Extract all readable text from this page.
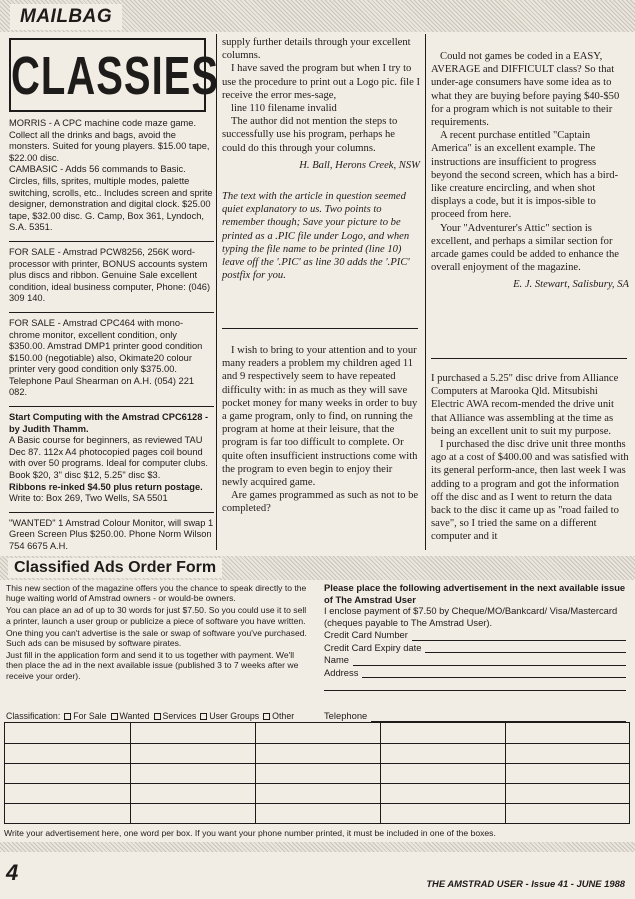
MAILBAG
CLASSIES

MORRIS - A CPC machine code maze game. Collect all the drinks and bags, avoid the monsters. Suited for young players. $15.00 tape, $22.00 disc.

CAMBASIC - Adds 56 commands to Basic. Circles, fills, sprites, multiple modes, palette switching, scrolls, etc.. Includes screen and sprite designer, demonstration and digital clock. $25.00 tape, $32.00 disc. G. Camp, Box 361, Lyndoch, S.A. 5351.

FOR SALE - Amstrad PCW8256, 256K word-processor with printer, BONUS accounts system plus discs and ribbon. Genuine Sale excellent condition, ideal business computer, Phone: (046) 309 140.

FOR SALE - Amstrad CPC464 with mono-chrome monitor, excellent condition, only $350.00. Amstrad DMP1 printer good condition $150.00 (negotiable) also, Okimate20 colour printer very good condition only $375.00. Telephone Paul Shearman on A.H. (054) 221 082.

Start Computing with the Amstrad CPC6128 - by Judith Thamm.

A Basic course for beginners, as reviewed TAU Dec 87. 112x A4 photocopied pages coil bound with over 50 programs. Ideal for computer clubs. Book $20, 3" disc $12, 5.25" disc $3.

Ribbons re-inked $4.50 plus return postage.

Write to: Box 269, Two Wells, SA 5501

"WANTED" 1 Amstrad Colour Monitor, will swap 1 Green Screen Plus $250.00. Phone Norm Wilson 754 6675 A.H.

supply further details through your excellent columns.

I have saved the program but when I try to use the procedure to print out a Logo pic. file I receive the error mes-sage,

line 110 filename invalid

The author did not mention the steps to successfully use his program, perhaps he could do this through your columns.

H. Ball, Herons Creek, NSW

The text with the article in question seemed quiet explanatory to us. Two points to remember though; Save your picture to be printed as a .PIC file under Logo, and when typing the file name to be printed (line 10) leave off the '.PIC' as line 30 adds the '.PIC' postfix for you.

I wish to bring to your attention and to your many readers a problem my children aged 11 and 9 respectively seem to have repeated difficulty with: in as much as they will save pocket money for many weeks in order to buy a game program, only to find, on running the program at home at their leisure, that the program is far too difficult to complete. Or quite often insufficient instructions come with the program to even begin to enjoy their newly acquired game.

Are games programmed as such as not to be completed?

Could not games be coded in a EASY, AVERAGE and DIFFICULT class? So that under-age consumers have some idea as to what they are buying before paying $40-$50 for a program which is not suitable to their requirements.

A recent purchase entitled "Captain America" is an excellent example. The instructions are insufficient to progress beyond the second screen, which has a bird-like creature encircling, and when shot displays a code, but it is impos-sible to proceed from here.

Your "Adventurer's Attic" section is excellent, and perhaps a similar section for arcade games could be added to enhance the overall enjoyment of the magazine.

E. J. Stewart, Salisbury, SA

I purchased a 5.25" disc drive from Alliance Computers at Marooka Qld. Mitsubishi Electric AWA recom-mended the drive unit that Alliance was assembling at the time as being an excellent unit to suit my purpose.

I purchased the disc drive unit three months ago at a cost of $400.00 and was satisfied with its general perform-ance, then last week I was adding to a program and got the information off the disc and as I went to return the data back to the disc it came up as "road failed to save", so I tried the same on a different computer and it

Classified Ads Order Form

This new section of the magazine offers you the chance to speak directly to the huge waiting world of Amstrad owners - or would-be owners.

You can place an ad of up to 30 words for just $7.50. So you could use it to sell a printer, launch a user group or publicize a piece of software you have written.

One thing you can't advertise is the sale or swap of software you've purchased. Such ads can be misused by software pirates.

Just fill in the application form and send it to us together with payment. We'll then place the ad in the next available issue (published 3 to 7 weeks after we receive your order).

Please place the following advertisement in the next available issue of The Amstrad User

I enclose payment of $7.50 by Cheque/MO/Bankcard/ Visa/Mastercard (cheques payable to The Amstrad User).

Credit Card Number
Credit Card Expiry date
Name
Address
Classification:	For Sale	Wanted	Services	User Groups	Other	Telephone
Write your advertisement here, one word per box. If you want your phone number printed, it must be included in one of the boxes.
4	THE AMSTRAD USER - Issue 41 - JUNE 1988
